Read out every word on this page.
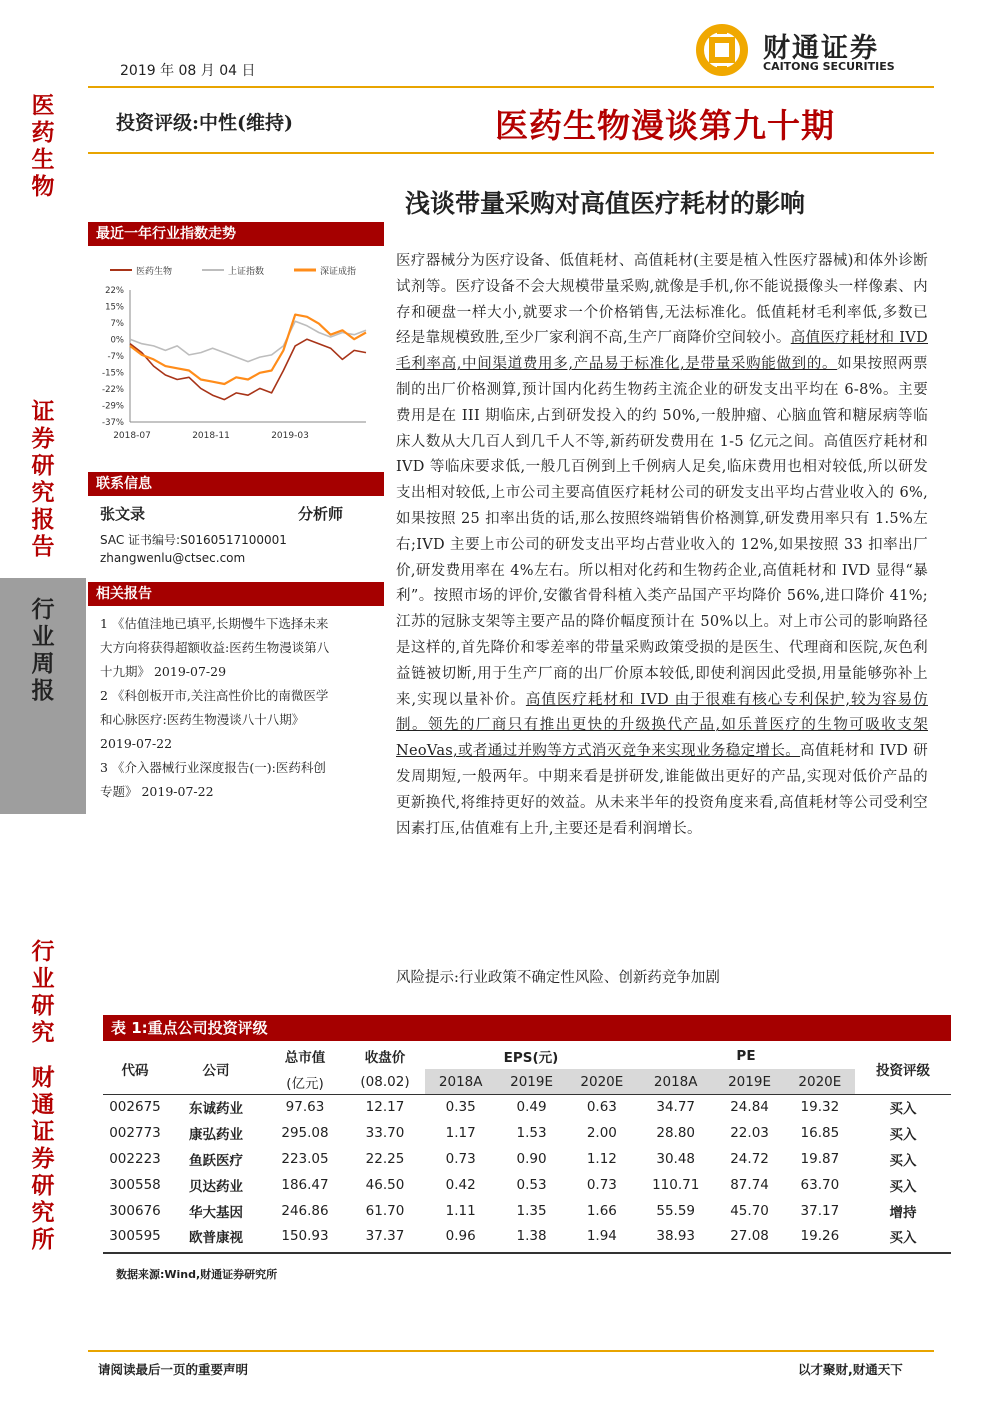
2019 年 08 月 04 日
财通证券
CAITONG SECURITIES
投资评级:中性(维持)	医药生物漫谈第九十期
浅谈带量采购对高值医疗耗材的影响
医药生物
证券研究报告
行业周报
行业研究
财通证券研究所
最近一年行业指数走势
医药生物	上证指数	深证成指
22%
15%
7%
0%
-7%
-15%
-22%
-29%
-37%
2018-07	2018-11	2019-03
联系信息
张文录	分析师
SAC 证书编号:S0160517100001
zhangwenlu@ctsec.com
相关报告
1 《估值洼地已填平,长期慢牛下选择未来
大方向将获得超额收益:医药生物漫谈第八
十九期》 2019-07-29
2 《科创板开市,关注高性价比的南微医学
和心脉医疗:医药生物漫谈八十八期》
2019-07-22
3 《介入器械行业深度报告(一):医药科创
专题》 2019-07-22
医疗器械分为医疗设备、低值耗材、高值耗材(主要是植入性医疗器械)和体外诊断试剂等。医疗设备不会大规模带量采购,就像是手机,你不能说摄像头一样像素、内存和硬盘一样大小,就要求一个价格销售,无法标准化。低值耗材毛利率低,多数已经是靠规模致胜,至少厂家利润不高,生产厂商降价空间较小。高值医疗耗材和 IVD 毛利率高,中间渠道费用多,产品易于标准化,是带量采购能做到的。如果按照两票制的出厂价格测算,预计国内化药生物药主流企业的研发支出平均在 6-8%。主要费用是在 III 期临床,占到研发投入的约 50%,一般肿瘤、心脑血管和糖尿病等临床人数从大几百人到几千人不等,新药研发费用在 1-5 亿元之间。高值医疗耗材和 IVD 等临床要求低,一般几百例到上千例病人足矣,临床费用也相对较低,所以研发支出相对较低,上市公司主要高值医疗耗材公司的研发支出平均占营业收入的 6%,如果按照 25 扣率出货的话,那么按照终端销售价格测算,研发费用率只有 1.5%左右;IVD 主要上市公司的研发支出平均占营业收入的 12%,如果按照 33 扣率出厂价,研发费用率在 4%左右。所以相对化药和生物药企业,高值耗材和 IVD 显得“暴利”。按照市场的评价,安徽省骨科植入类产品国产平均降价 56%,进口降价 41%;江苏的冠脉支架等主要产品的降价幅度预计在 50%以上。对上市公司的影响路径是这样的,首先降价和零差率的带量采购政策受损的是医生、代理商和医院,灰色利益链被切断,用于生产厂商的出厂价原本较低,即使利润因此受损,用量能够弥补上来,实现以量补价。高值医疗耗材和 IVD 由于很难有核心专利保护,较为容易仿制。领先的厂商只有推出更快的升级换代产品,如乐普医疗的生物可吸收支架 NeoVas,或者通过并购等方式消灭竞争来实现业务稳定增长。高值耗材和 IVD 研发周期短,一般两年。中期来看是拼研发,谁能做出更好的产品,实现对低价产品的更新换代,将维持更好的效益。从未来半年的投资角度来看,高值耗材等公司受利空因素打压,估值难有上升,主要还是看利润增长。
风险提示:行业政策不确定性风险、创新药竞争加剧
表 1:重点公司投资评级
代码	公司	总市值	收盘价	EPS(元)			PE			投资评级
		(亿元)	(08.02)	2018A	2019E	2020E	2018A	2019E	2020E	
002675	东诚药业	97.63	12.17	0.35	0.49	0.63	34.77	24.84	19.32	买入
002773	康弘药业	295.08	33.70	1.17	1.53	2.00	28.80	22.03	16.85	买入
002223	鱼跃医疗	223.05	22.25	0.73	0.90	1.12	30.48	24.72	19.87	买入
300558	贝达药业	186.47	46.50	0.42	0.53	0.73	110.71	87.74	63.70	买入
300676	华大基因	246.86	61.70	1.11	1.35	1.66	55.59	45.70	37.17	增持
300595	欧普康视	150.93	37.37	0.96	1.38	1.94	38.93	27.08	19.26	买入
数据来源:Wind,财通证券研究所
请阅读最后一页的重要声明	以才聚财,财通天下
